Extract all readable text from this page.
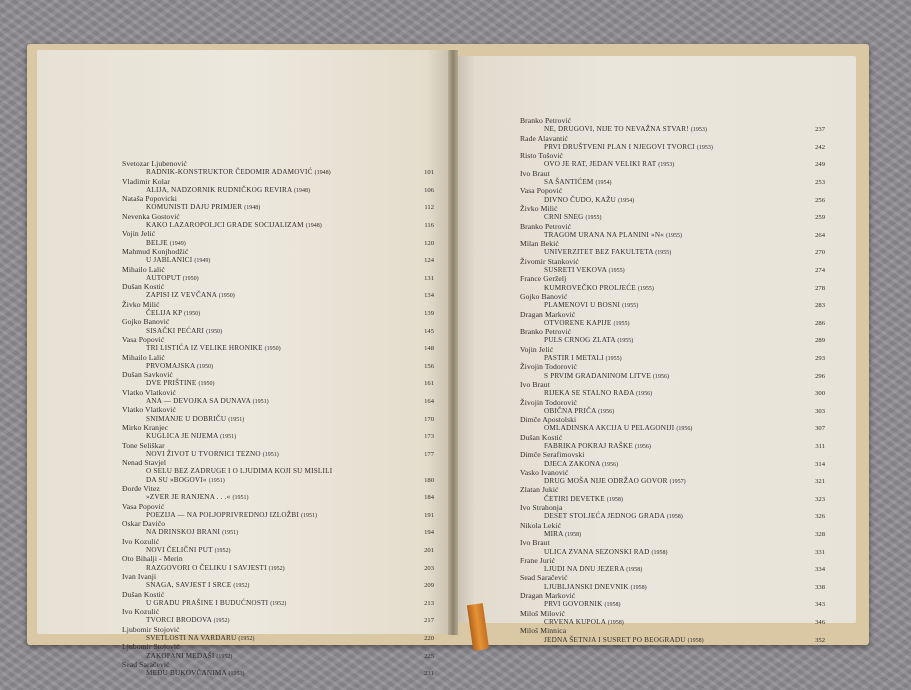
Svetozar Ljubenović
RADNIK-KONSTRUKTOR ČEDOMIR ADAMOVIĆ (1948)	101
Vladimir Kolar
ALIJA, NADZORNIK RUDNIČKOG REVIRA (1948)	106
Nataša Popovicki
KOMUNISTI DAJU PRIMJER (1948)	112
Nevenka Gostović
KAKO LAZAROPOLJCI GRADE SOCIJALIZAM (1948)	116
Vojin Jelić
BELJE (1949)	120
Mahmud Konjhodžić
U JABLANICI (1949)	124
Mihailo Lalić
AUTOPUT (1950)	131
Dušan Kostić
ZAPISI IZ VEVČANA (1950)	134
Živko Milić
ČELIJA KP (1950)	139
Gojko Banović
SISAČKI PEĆARI (1950)	145
Vasa Popović
TRI LISTIĆA IZ VELIKE HRONIKE (1950)	148
Mihailo Lalić
PRVOMAJSKA (1950)	156
Dušan Savković
DVE PRIŠTINE (1950)	161
Vlatko Vlatković
ANA — DEVOJKA SA DUNAVA (1951)	164
Vlatko Vlatković
SNIMANJE U DOBRIČU (1951)	170
Mirko Kranjec
KUGLICA JE NIJEMA (1951)	173
Tone Seliškar
NOVI ŽIVOT U TVORNICI TEZNO (1951)	177
Nenad Stavjel
O SELU BEZ ZADRUGE I O LJUDIMA KOJI SU MISLILI
DA SU »BOGOVI« (1951)	180
Đorđe Vitez
»ZVER JE RANJENA . . .« (1951)	184
Vasa Popović
POEZIJA — NA POLJOPRIVREDNOJ IZLOŽBI (1951)	191
Oskar Davičo
NA DRINSKOJ BRANI (1951)	194
Ivo Kozulić
NOVI ČELIČNI PUT (1952)	201
Oto Bihalji - Merin
RAZGOVORI O ČELIKU I SAVJESTI (1952)	203
Ivan Ivanji
SNAGA, SAVJEST I SRCE (1952)	209
Dušan Kostić
U GRADU PRAŠINE I BUDUĆNOSTI (1952)	213
Ivo Kozulić
TVORCI BRODOVA (1952)	217
Ljubomir Stojović
SVETLOSTI NA VARDARU (1952)	220
Ljubomir Stojović
ZAKOPANI MEDAŠI (1952)	225
Sead Saračević
MEĐU BUKOVČANIMA (1953)	231
Branko Petrović
NE, DRUGOVI, NIJE TO NEVAŽNA STVAR! (1953)	237
Rade Alavantić
PRVI DRUŠTVENI PLAN I NJEGOVI TVORCI (1953)	242
Risto Tošović
OVO JE RAT, JEDAN VELIKI RAT (1953)	249
Ivo Braut
SA ŠANTIĆEM (1954)	253
Vasa Popović
DIVNO ČUDO, KAŽU (1954)	256
Živko Milić
CRNI SNEG (1955)	259
Branko Petrović
TRAGOM URANA NA PLANINI »N« (1955)	264
Milan Bekić
UNIVERZITET BEZ FAKULTETA (1955)	270
Živomir Stanković
SUSRETI VEKOVA (1955)	274
France Gerželj
KUMROVEČKO PROLJEĆE (1955)	278
Gojko Banović
PLAMENOVI U BOSNI (1955)	283
Dragan Marković
OTVORENE KAPIJE (1955)	286
Branko Petrović
PULS CRNOG ZLATA (1955)	289
Vojin Jelić
PASTIR I METALI (1955)	293
Živojin Todorović
S PRVIM GRADANINOM LITVE (1956)	296
Ivo Braut
RIJEKA SE STALNO RAĐA (1956)	300
Živojin Todorović
OBIČNA PRIČA (1956)	303
Dimče Apostolski
OMLADINSKA AKCIJA U PELAGONIJI (1956)	307
Dušan Kostić
FABRIKA POKRAJ RAŠKE (1956)	311
Dimče Serafimovski
DJECA ZAKONA (1956)	314
Vasko Ivanović
DRUG MOŠA NIJE ODRŽAO GOVOR (1957)	321
Zlatan Jukić
ČETIRI DEVETKE (1958)	323
Ivo Strahonja
DESET STOLJEĆA JEDNOG GRADA (1958)	326
Nikola Lekić
MIRA (1958)	328
Ivo Braut
ULICA ZVANA SEZONSKI RAD (1958)	331
Frane Jurić
LJUDI NA DNU JEZERA (1958)	334
Sead Saračević
LJUBLJANSKI DNEVNIK (1958)	338
Dragan Marković
PRVI GOVORNIK (1958)	343
Miloš Milović
CRVENA KUPOLA (1958)	346
Miloš Minnica
JEDNA ŠETNJA I SUSRET PO BEOGRADU (1958)	352
